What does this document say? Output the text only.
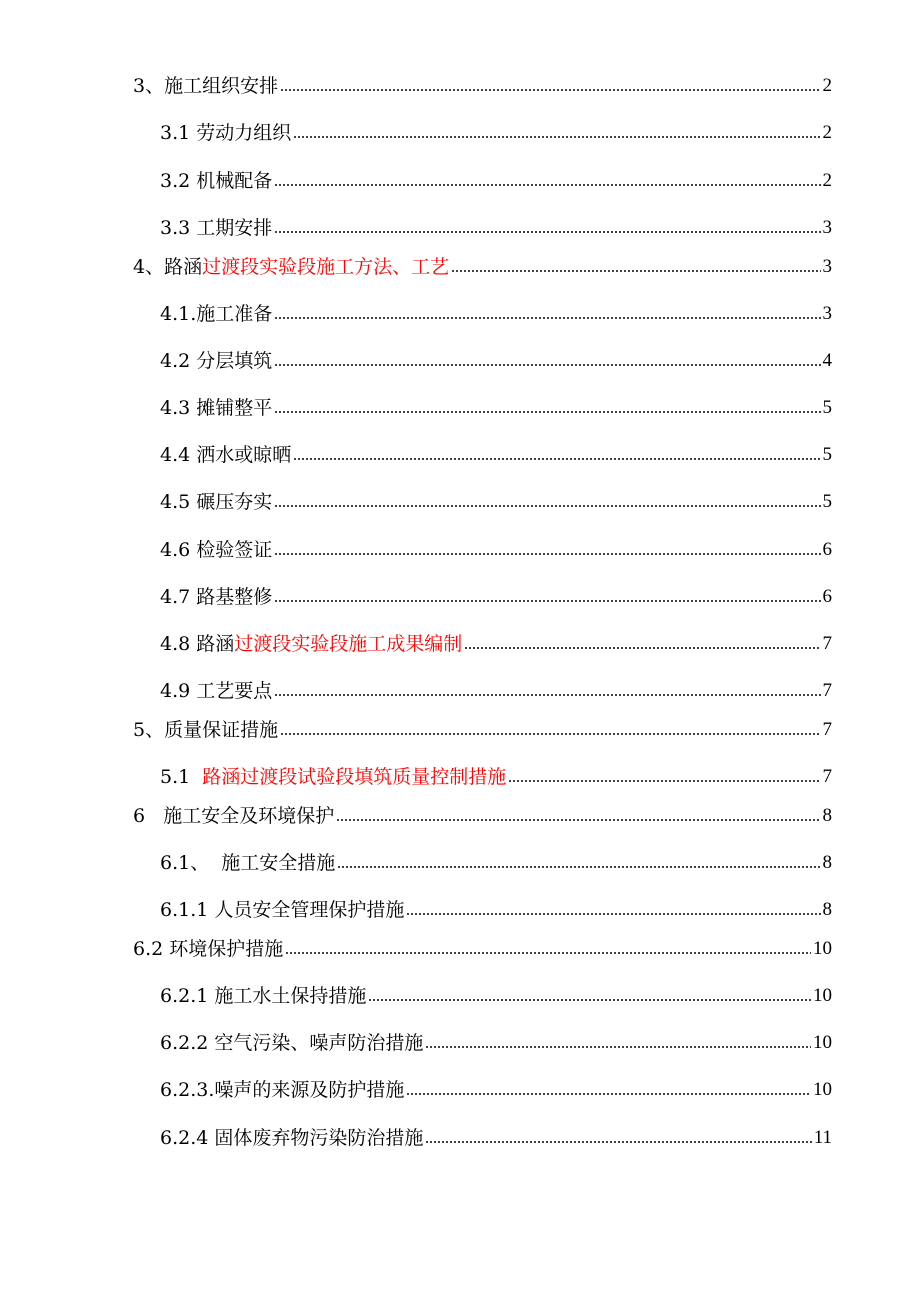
3、施工组织安排	2
3.1 劳动力组织	2
3.2 机械配备	2
3.3 工期安排	3
4、路涵过渡段实验段施工方法、工艺	3
4.1.施工准备	3
4.2 分层填筑	4
4.3 摊铺整平	5
4.4 洒水或晾晒	5
4.5 碾压夯实	5
4.6 检验签证	6
4.7 路基整修	6
4.8 路涵过渡段实验段施工成果编制	7
4.9 工艺要点	7
5、质量保证措施	7
5.1  路涵过渡段试验段填筑质量控制措施	7
6   施工安全及环境保护	8
6.1、  施工安全措施	8
6.1.1 人员安全管理保护措施	8
6.2 环境保护措施	10
6.2.1 施工水土保持措施	10
6.2.2 空气污染、噪声防治措施	10
6.2.3.噪声的来源及防护措施	10
6.2.4 固体废弃物污染防治措施	11
